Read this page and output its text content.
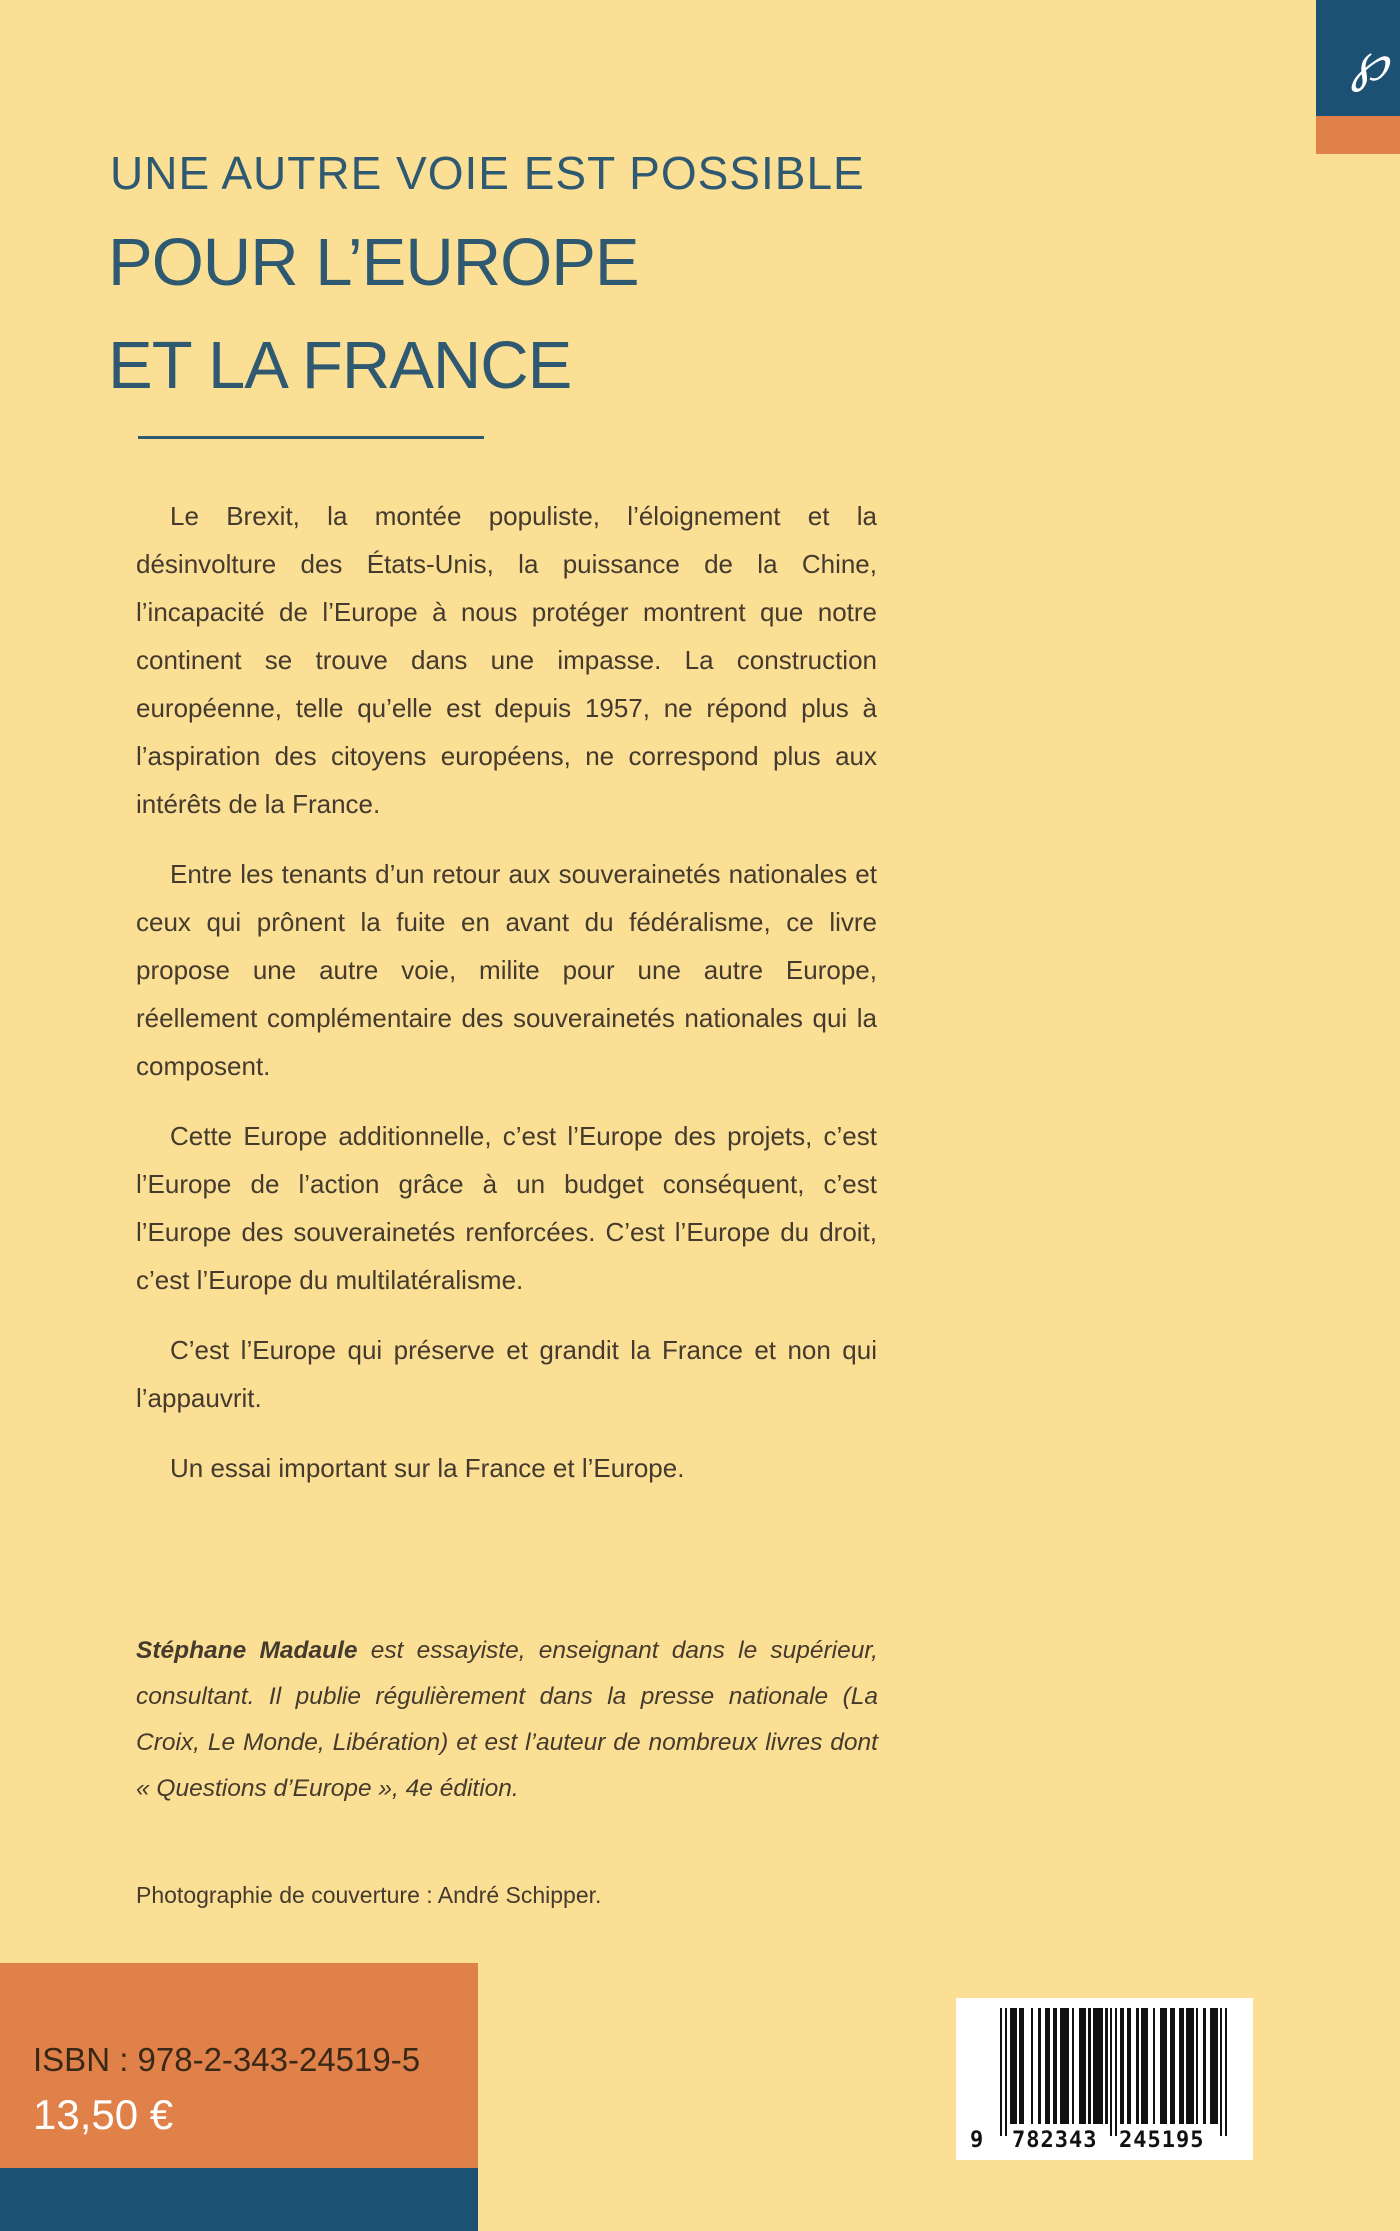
℘
UNE AUTRE VOIE EST POSSIBLE
POUR L’EUROPE
ET LA FRANCE

Le Brexit, la montée populiste, l’éloignement et la désinvolture des États-Unis, la puissance de la Chine, l’incapacité de l’Europe à nous protéger montrent que notre continent se trouve dans une impasse. La construction européenne, telle qu’elle est depuis 1957, ne répond plus à l’aspiration des citoyens européens, ne correspond plus aux intérêts de la France.

Entre les tenants d’un retour aux souverainetés nationales et ceux qui prônent la fuite en avant du fédéralisme, ce livre propose une autre voie, milite pour une autre Europe, réellement complémentaire des souverainetés nationales qui la composent.

Cette Europe additionnelle, c’est l’Europe des projets, c’est l’Europe de l’action grâce à un budget conséquent, c’est l’Europe des souverainetés renforcées. C’est l’Europe du droit, c’est l’Europe du multilatéralisme.

C’est l’Europe qui préserve et grandit la France et non qui l’appauvrit.

Un essai important sur la France et l’Europe.

Stéphane Madaule est essayiste, enseignant dans le supérieur, consultant. Il publie régulièrement dans la presse nationale (La Croix, Le Monde, Libération) et est l’auteur de nombreux livres dont « Questions d’Europe », 4e édition.
Photographie de couverture : André Schipper.
ISBN : 978-2-343-24519-5
13,50 €
9 782343 245195
